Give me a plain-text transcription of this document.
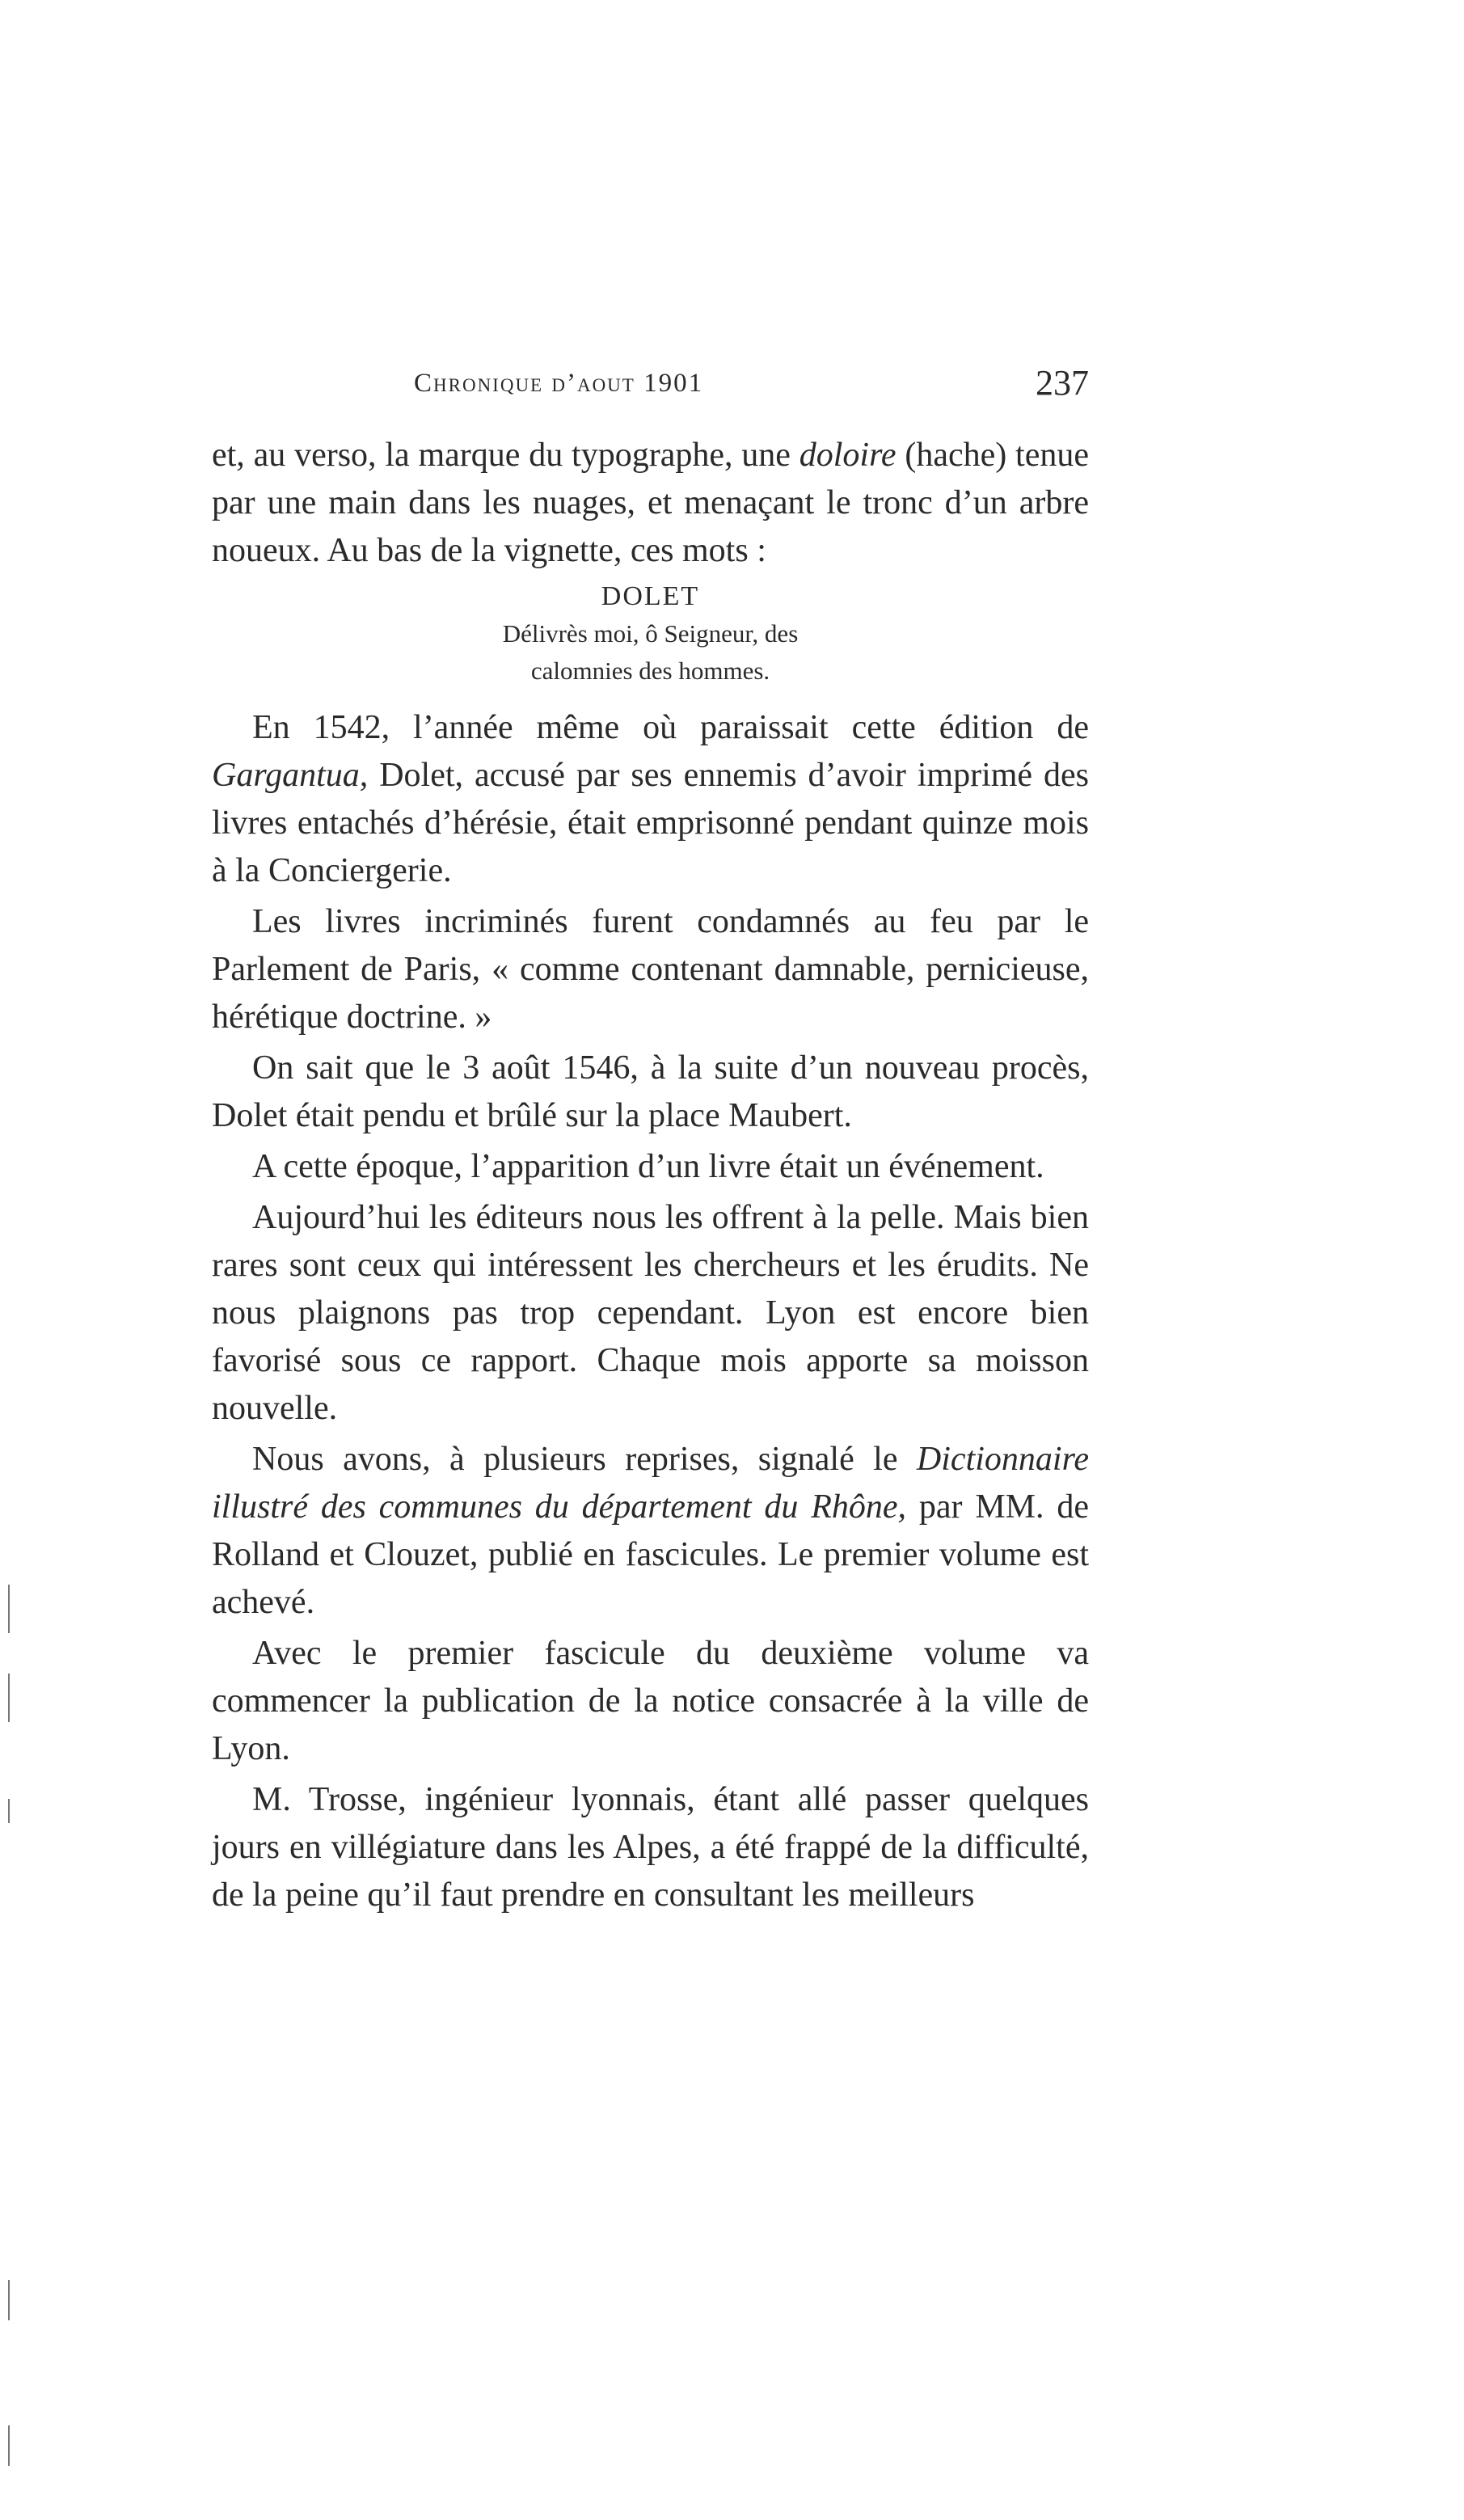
Chronique d’aout 1901	237

et, au verso, la marque du typographe, une doloire (hache) tenue par une main dans les nuages, et menaçant le tronc d’un arbre noueux. Au bas de la vignette, ces mots :

DOLET
Délivrès moi, ô Seigneur, des
calomnies des hommes.

En 1542, l’année même où paraissait cette édition de Gargantua, Dolet, accusé par ses ennemis d’avoir imprimé des livres entachés d’hérésie, était emprisonné pendant quinze mois à la Conciergerie.

Les livres incriminés furent condamnés au feu par le Parlement de Paris, « comme contenant damnable, pernicieuse, hérétique doctrine. »

On sait que le 3 août 1546, à la suite d’un nouveau procès, Dolet était pendu et brûlé sur la place Maubert.

A cette époque, l’apparition d’un livre était un événement.

Aujourd’hui les éditeurs nous les offrent à la pelle. Mais bien rares sont ceux qui intéressent les chercheurs et les érudits. Ne nous plaignons pas trop cependant. Lyon est encore bien favorisé sous ce rapport. Chaque mois apporte sa moisson nouvelle.

Nous avons, à plusieurs reprises, signalé le Dictionnaire illustré des communes du département du Rhône, par MM. de Rolland et Clouzet, publié en fascicules. Le premier volume est achevé.

Avec le premier fascicule du deuxième volume va commencer la publication de la notice consacrée à la ville de Lyon.

M. Trosse, ingénieur lyonnais, étant allé passer quelques jours en villégiature dans les Alpes, a été frappé de la difficulté, de la peine qu’il faut prendre en consultant les meilleurs
